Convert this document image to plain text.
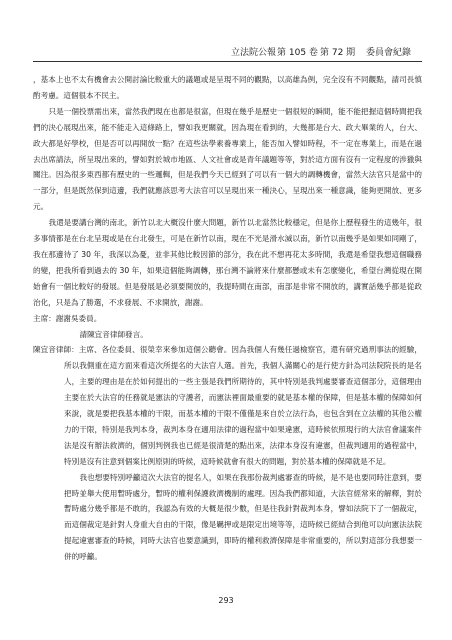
立法院公報 第 105 卷 第 72 期 委員會紀錄

，基本上也不太有機會去公開討論比較重大的議題或是呈現不同的觀點，以高雄為例，完全沒有不同觀點，請司長慎酌考慮。這個很本不民主。

只是一個投票需出來，當然我們現在也都是很富，但現在幾乎是歷史一個很短的瞬間，能不能把握這個時間把我們的決心展現出來，能不能走入這條路上，譬如我更關就，因為現在看到的，大幾都是台大、政大畢業的人，台大、政大都是好學校，但是否可以再開放一點？在這些法學素養專業上，能否加入譬如時程，不一定在專業上，而是在過去出席請法，所呈現出來的，譬如對於城市地區、人文社會或是青年議題等等，對於這方面有沒有一定程度的涉獵與關注。因為很多東西都有歷史的一些邏輯，但是我們今天已經到了可以有一個大的調轉機會，當然大法官只是當中的一部分，但是既然保到這邊，我們就應該思考大法官可以呈現出來一種決心，呈現出來一種意識，能夠更開放、更多元。

我還是要講台灣的南北，新竹以北大概沒什麼大問題，新竹以北當然比較穩定，但是你上歷程發生的這幾年，很多事情都是在台北呈現或是在台北發生，可是在新竹以南，現在不光是滑水滅以南，新竹以南幾乎是如果如同剛了，我在那邊待了 30 年，我深以為憂，並非其他比較因節的部分，我在此不想再花太多時間，我還是希望我想這個職務的變，把我所看到過去的 30 年，如果這個能夠調轉，那台灣不論將來什麼都懸或未有怎麼變化，希望台灣從現在開始會有一個比較好的發展。但是發展是必須要開放的，我提時間在南部，南部是非常不開放的，講實話幾乎都是從政治化，只是為了勝選，不求發展、不求開放，謝謝。

主席：謝謝吳委員。

請陳宜音律師發言。

陳宜音律師：主席、各位委員、很榮幸來參加這個公聽會。因為我個人有幾任過檢察官，還有研究過刑事法的經驗，所以我側重在這方面來看這次所提名的大法官人選。首先，我個人滿關心的是行使方針為司法院院長的是名人，主要的理由是在於如何提出的一些主張是我們所期待的，其中特別是我判處要審查這個部分，這個理由主要在於大法官的任務就是憲法的守護者，而憲法裡面最重要的就是基本權的保障，但是基本權的保障如何來說，就是要把我基本權的干限，而基本權的干限不僅僅是來自於立法行為，也包含到在立法權的其他公權力的干限，特別是我判本身，裁判本身在適用法律的過程當中如果違憲，這時候依照現行的大法官會議案件法是沒有辦法救濟的，個別判例我也已經是很清楚的點出來，法律本身沒有違憲，但裁判適用的過程當中，特別是沒有注意到個案比例原則的時候，這時候就會有很大的問題，對於基本權的保障就是不足。

我也想要特別呼籲這次大法官的提名人，如果在我那份裁判處審查的時候，是不是也要同時注意到，要把時並舉大使用暫時處分，暫時的權利保護救濟機制的處理。因為我們都知道，大法官經常來的解釋，對於暫時處分幾乎都是不敢的，我認為有效的大概是很少數，但是往我針對裁判本身，譬如法院下了一個裁定，而這個裁定是針對人身重大自由的干限，像是羈押或是限定出境等等，這時候已經結合到他可以向憲法法院提起違憲審查的時候，同時大法官也要意識到，即時的權利救濟保障是非常重要的，所以對這部分我想要一併的呼籲。

293
